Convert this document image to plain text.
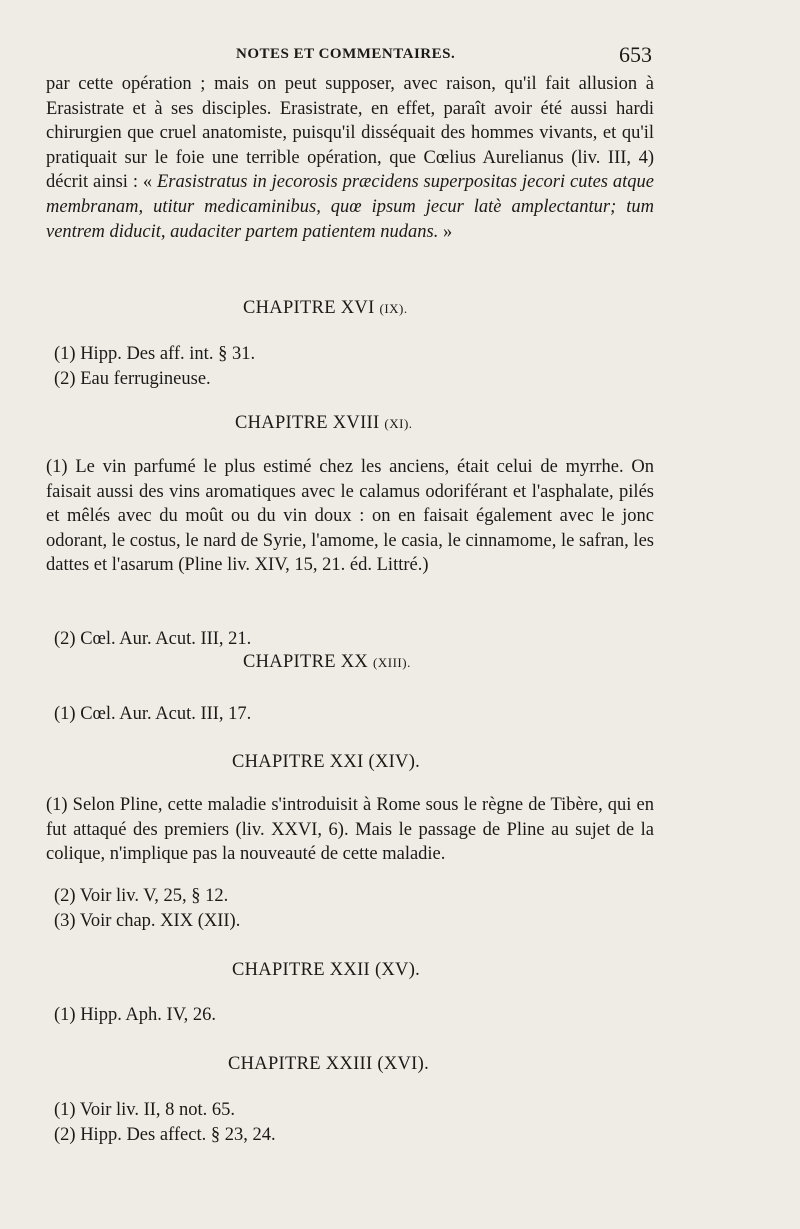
NOTES ET COMMENTAIRES.	653
par cette opération ; mais on peut supposer, avec raison, qu'il fait allusion à Erasistrate et à ses disciples. Erasistrate, en effet, paraît avoir été aussi hardi chirurgien que cruel anatomiste, puisqu'il disséquait des hommes vivants, et qu'il pratiquait sur le foie une terrible opération, que Cœlius Aurelianus (liv. III, 4) décrit ainsi : « Erasistratus in jecorosis præcidens superpositas jecori cutes atque membranam, utitur medicaminibus, quœ ipsum jecur latè amplectantur; tum ventrem diducit, audaciter partem patientem nudans. »
CHAPITRE XVI (IX).
(1) Hipp. Des aff. int. § 31.
(2) Eau ferrugineuse.
CHAPITRE XVIII (XI).
(1) Le vin parfumé le plus estimé chez les anciens, était celui de myrrhe. On faisait aussi des vins aromatiques avec le calamus odoriférant et l'asphalate, pilés et mêlés avec du moût ou du vin doux : on en faisait également avec le jonc odorant, le costus, le nard de Syrie, l'amome, le casia, le cinnamome, le safran, les dattes et l'asarum (Pline liv. XIV, 15, 21. éd. Littré.)
(2) Cœl. Aur. Acut. III, 21.
CHAPITRE XX (XIII).
(1) Cœl. Aur. Acut. III, 17.
CHAPITRE XXI (XIV).
(1) Selon Pline, cette maladie s'introduisit à Rome sous le règne de Tibère, qui en fut attaqué des premiers (liv. XXVI, 6). Mais le passage de Pline au sujet de la colique, n'implique pas la nouveauté de cette maladie.
(2) Voir liv. V, 25, § 12.
(3) Voir chap. XIX (XII).
CHAPITRE XXII (XV).
(1) Hipp. Aph. IV, 26.
CHAPITRE XXIII (XVI).
(1) Voir liv. II, 8 not. 65.
(2) Hipp. Des affect. § 23, 24.
